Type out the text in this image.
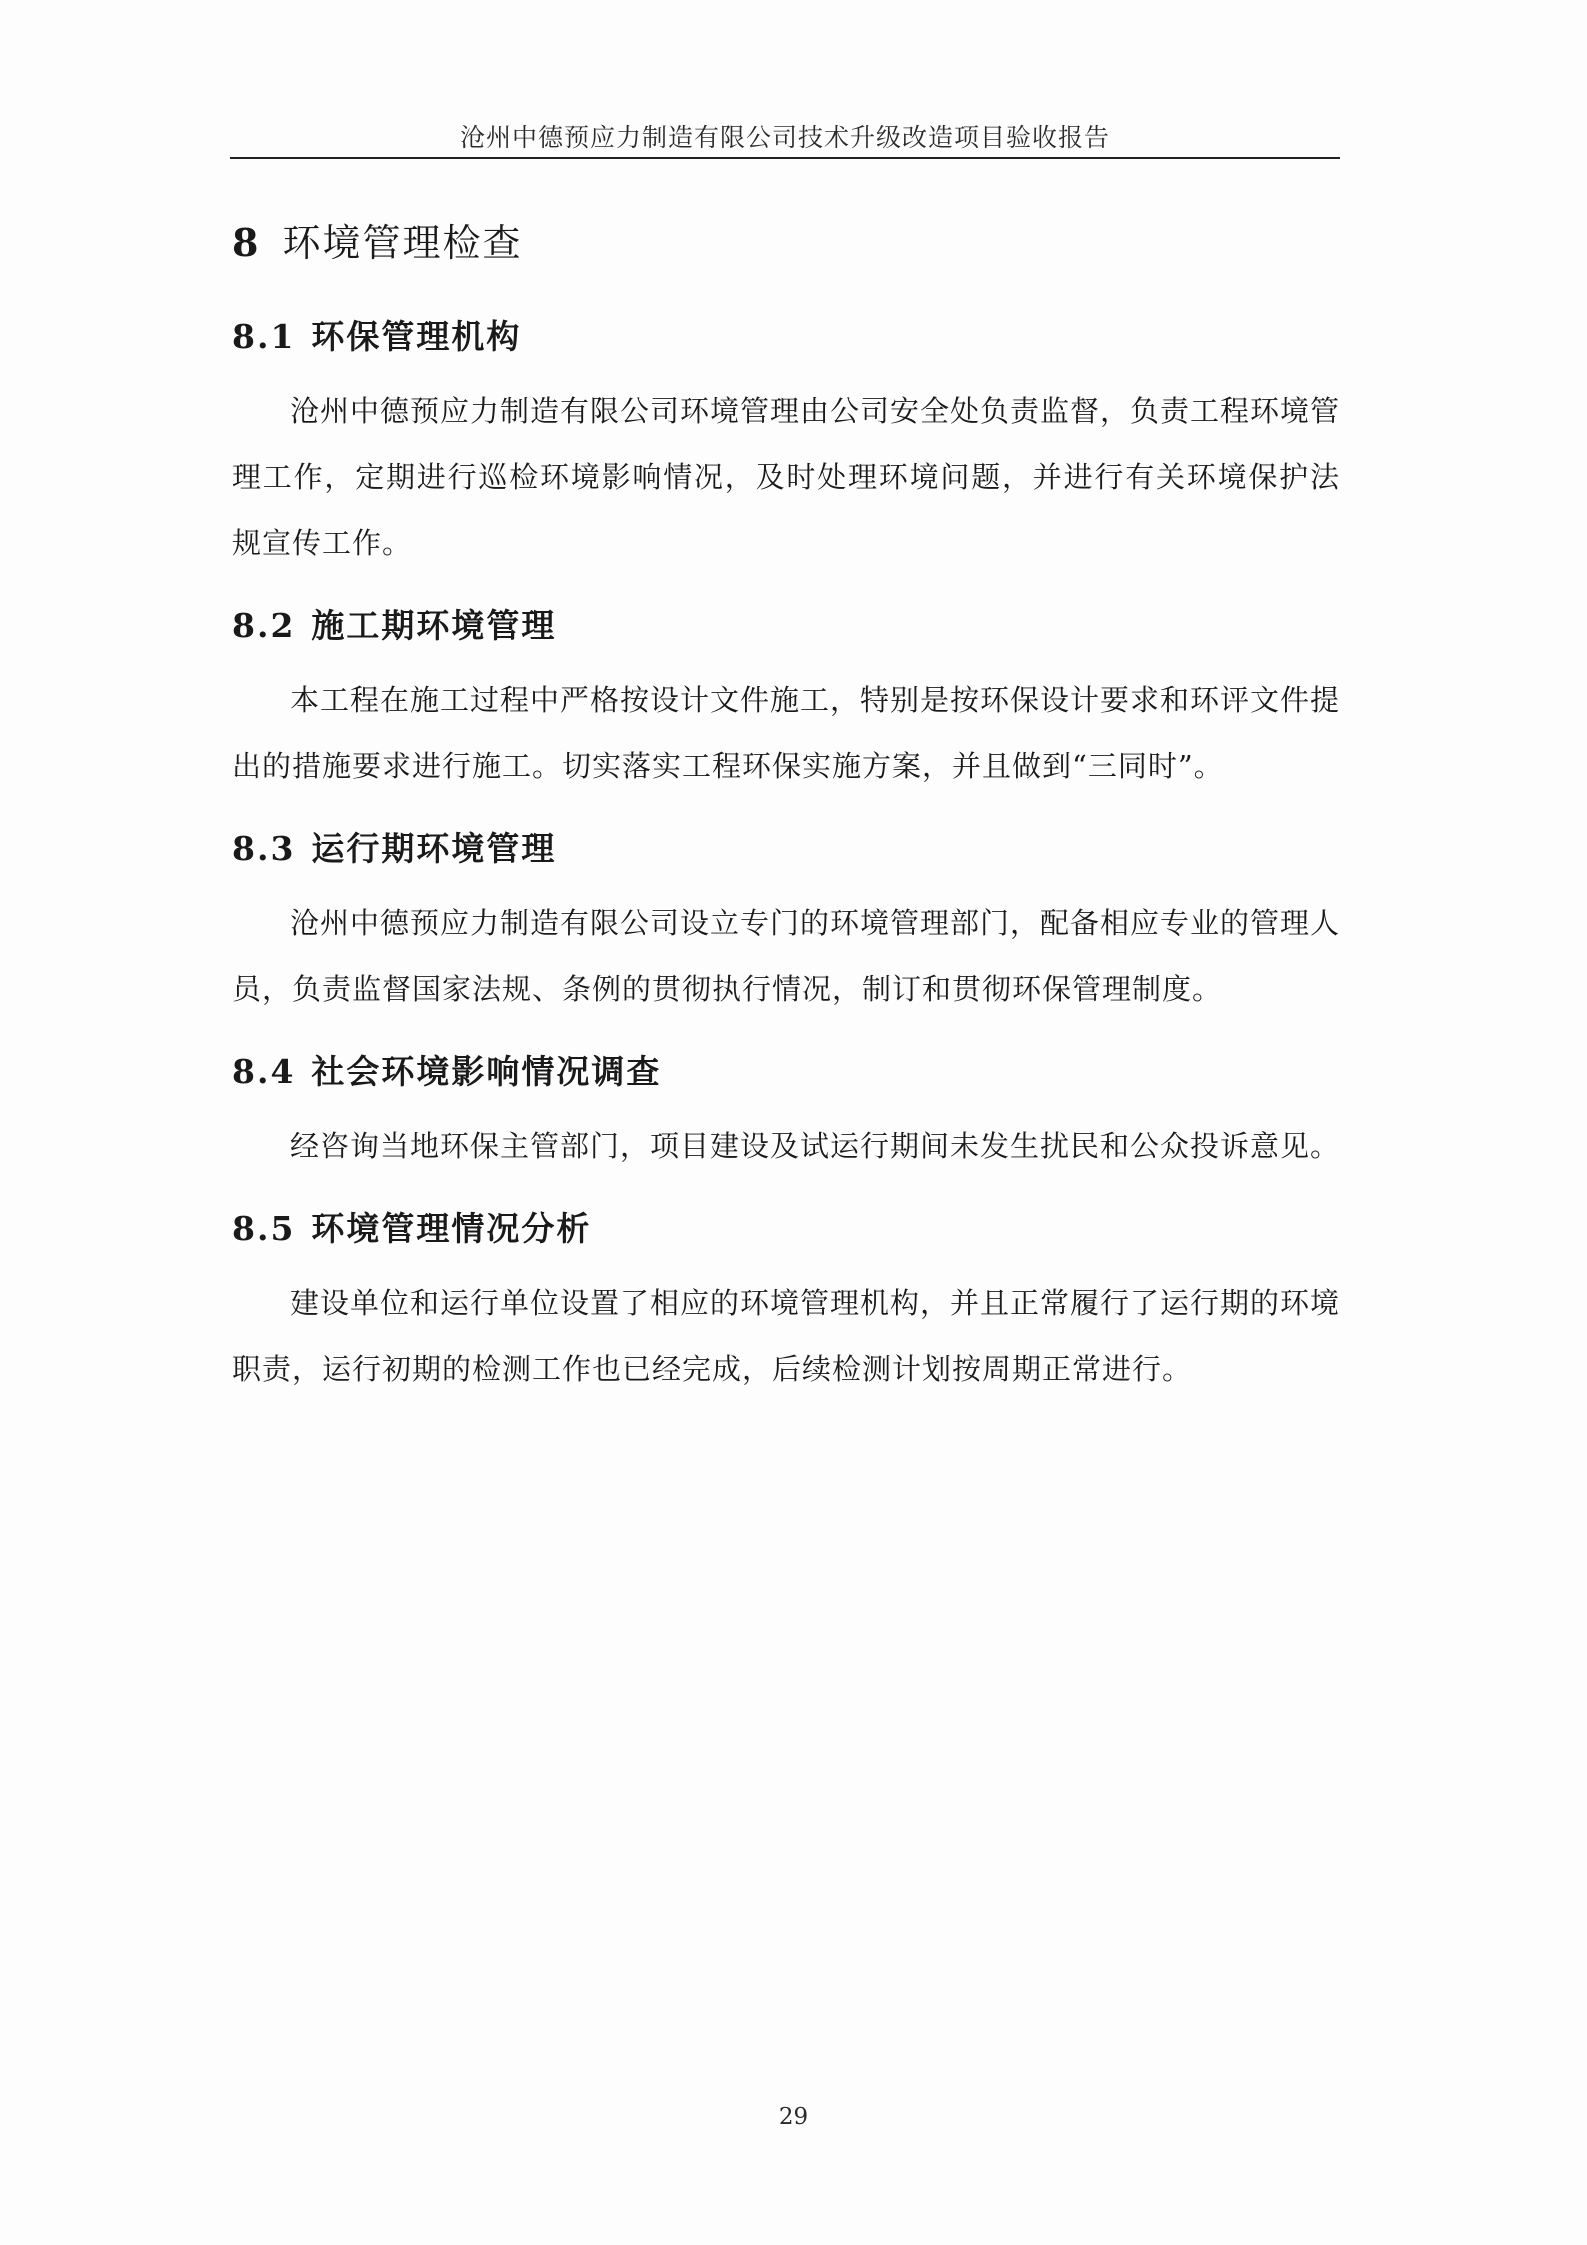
沧州中德预应力制造有限公司技术升级改造项目验收报告
8 环境管理检查
8.1 环保管理机构

沧州中德预应力制造有限公司环境管理由公司安全处负责监督，负责工程环境管理工作，定期进行巡检环境影响情况，及时处理环境问题，并进行有关环境保护法规宣传工作。

8.2 施工期环境管理

本工程在施工过程中严格按设计文件施工，特别是按环保设计要求和环评文件提出的措施要求进行施工。切实落实工程环保实施方案，并且做到“三同时”。

8.3 运行期环境管理

沧州中德预应力制造有限公司设立专门的环境管理部门，配备相应专业的管理人员，负责监督国家法规、条例的贯彻执行情况，制订和贯彻环保管理制度。

8.4 社会环境影响情况调查

经咨询当地环保主管部门，项目建设及试运行期间未发生扰民和公众投诉意见。

8.5 环境管理情况分析

建设单位和运行单位设置了相应的环境管理机构，并且正常履行了运行期的环境职责，运行初期的检测工作也已经完成，后续检测计划按周期正常进行。

29
